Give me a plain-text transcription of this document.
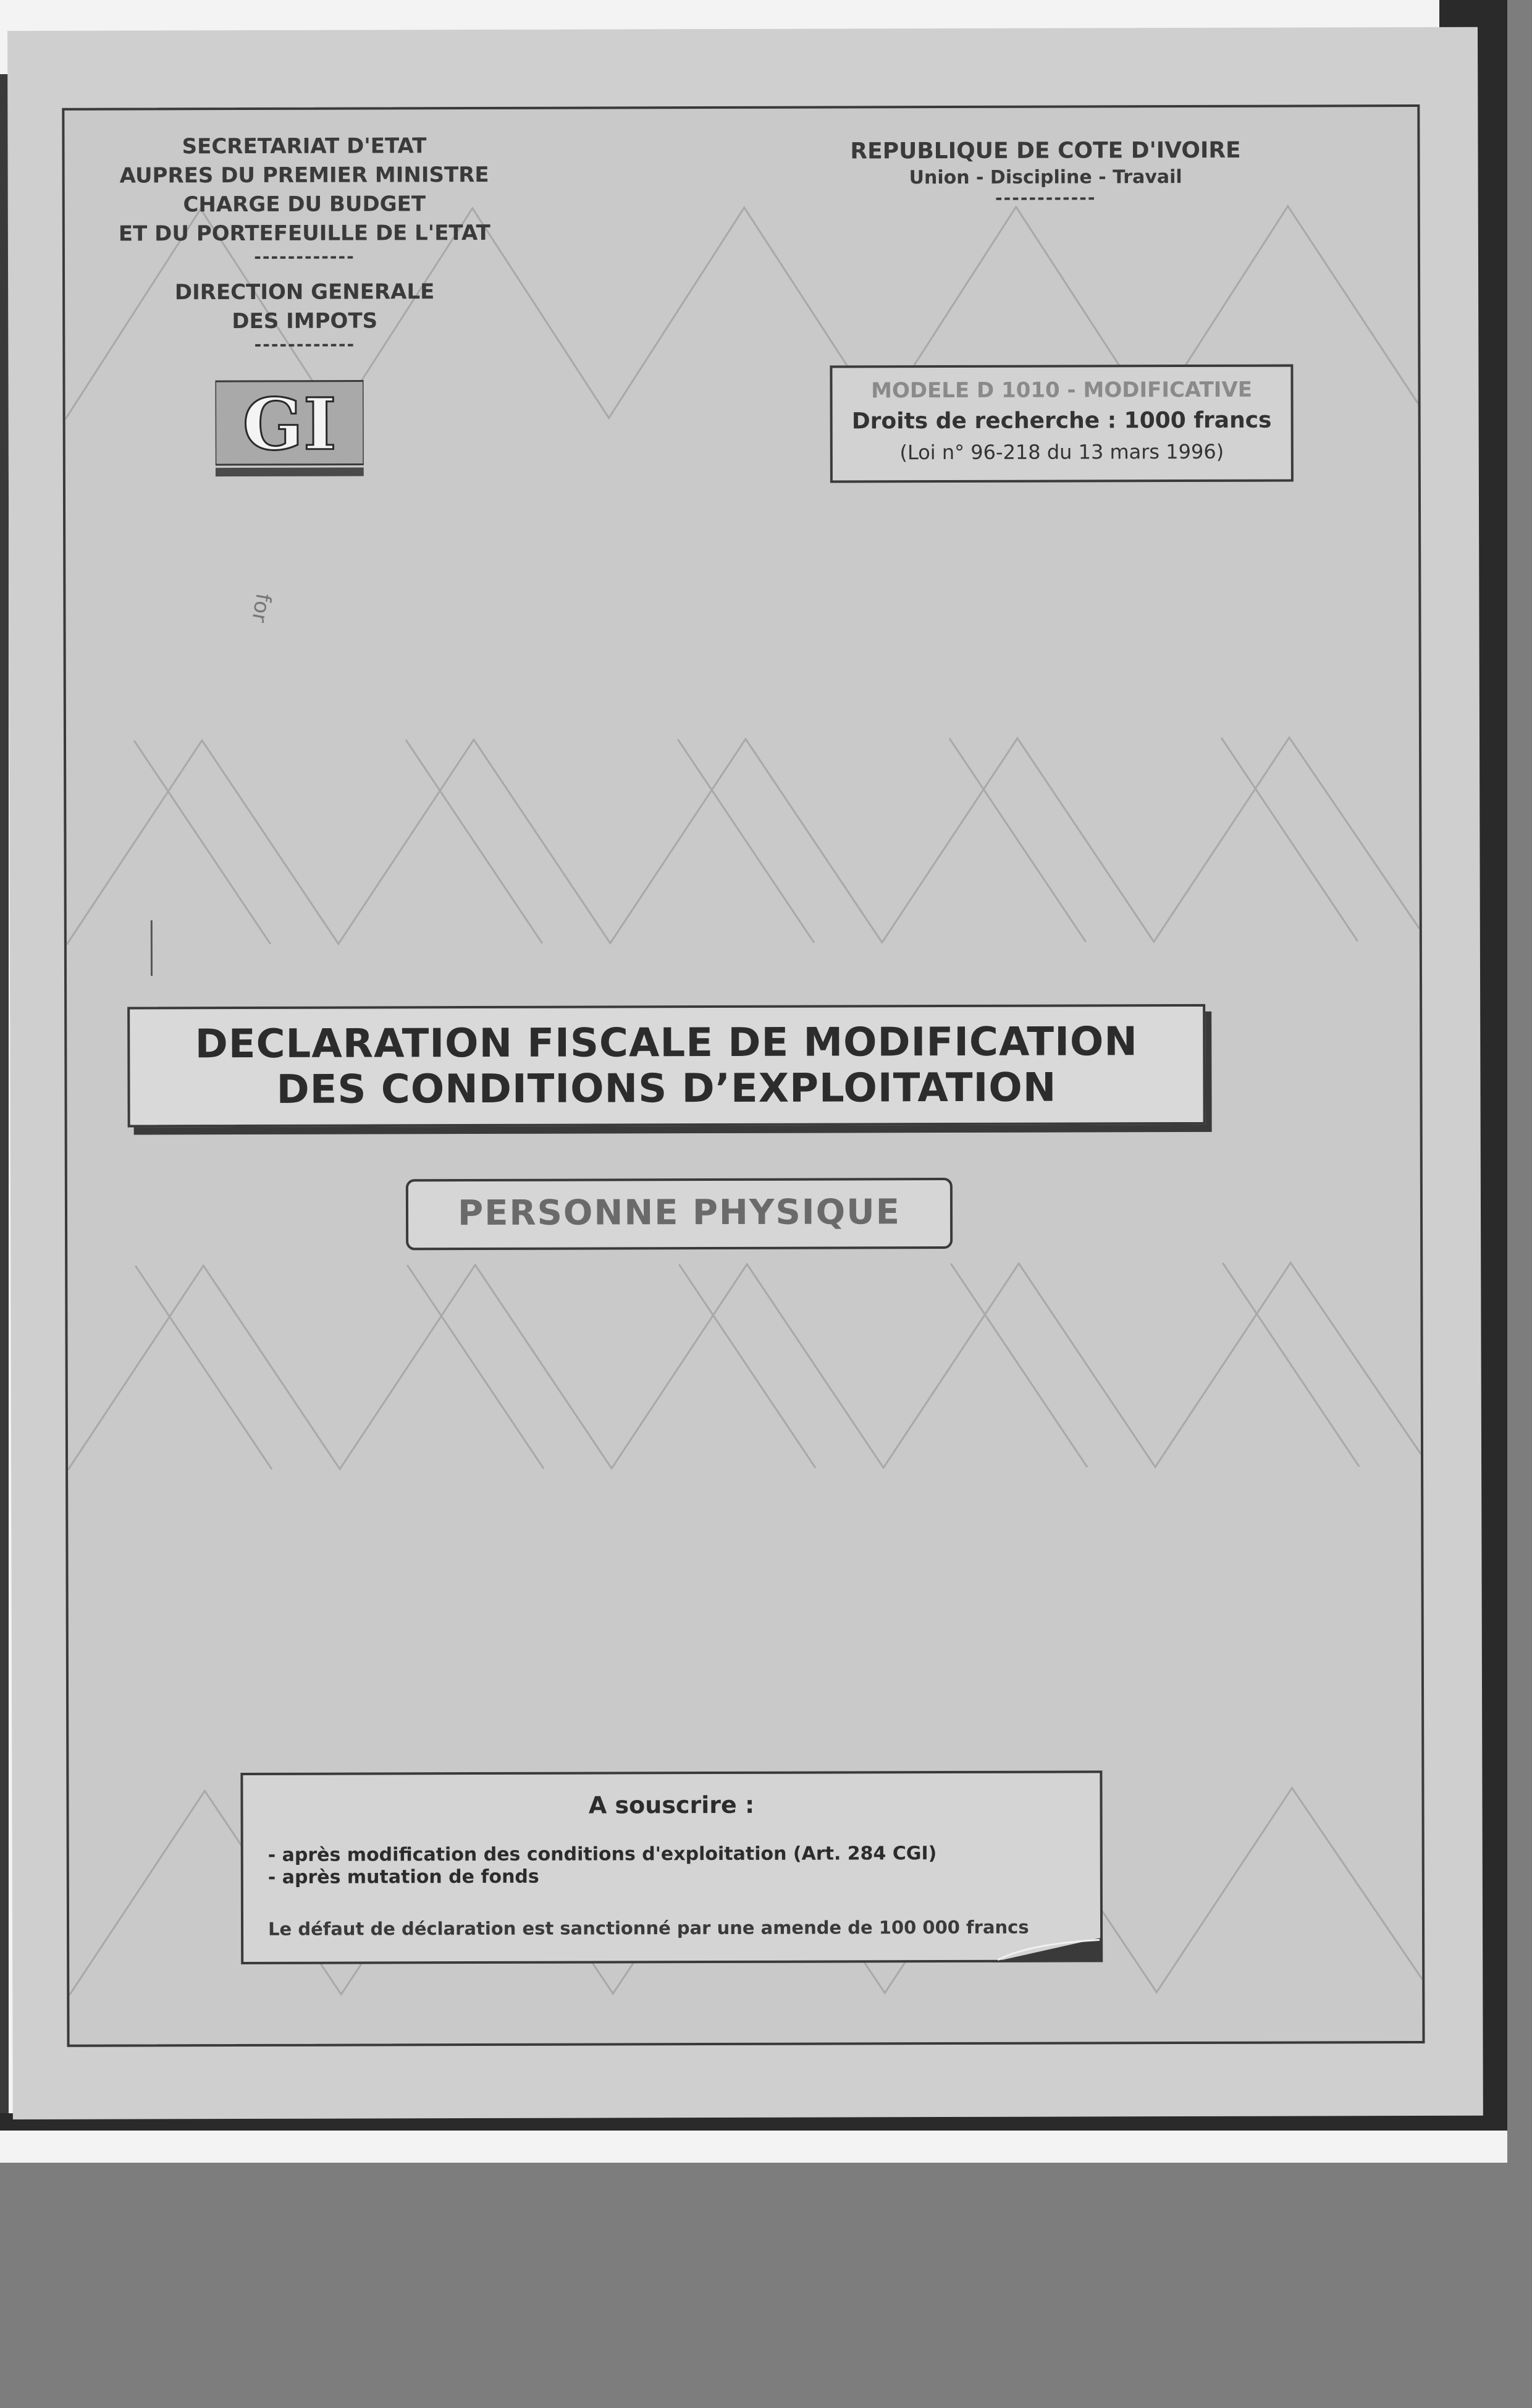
SECRETARIAT D'ETAT
AUPRES DU PREMIER MINISTRE
CHARGE DU BUDGET
ET DU PORTEFEUILLE DE L'ETAT
------------
DIRECTION GENERALE
DES IMPOTS
------------
REPUBLIQUE DE COTE D'IVOIRE
Union - Discipline - Travail
------------
GI	MODELE D 1010 - MODIFICATIVE
Droits de recherche : 1000 francs
(Loi n° 96-218 du 13 mars 1996)
for
DECLARATION FISCALE DE MODIFICATION
DES CONDITIONS D’EXPLOITATION
PERSONNE PHYSIQUE
A souscrire :
- après modification des conditions d'exploitation (Art. 284 CGI)
- après mutation de fonds
Le défaut de déclaration est sanctionné par une amende de 100 000 francs
